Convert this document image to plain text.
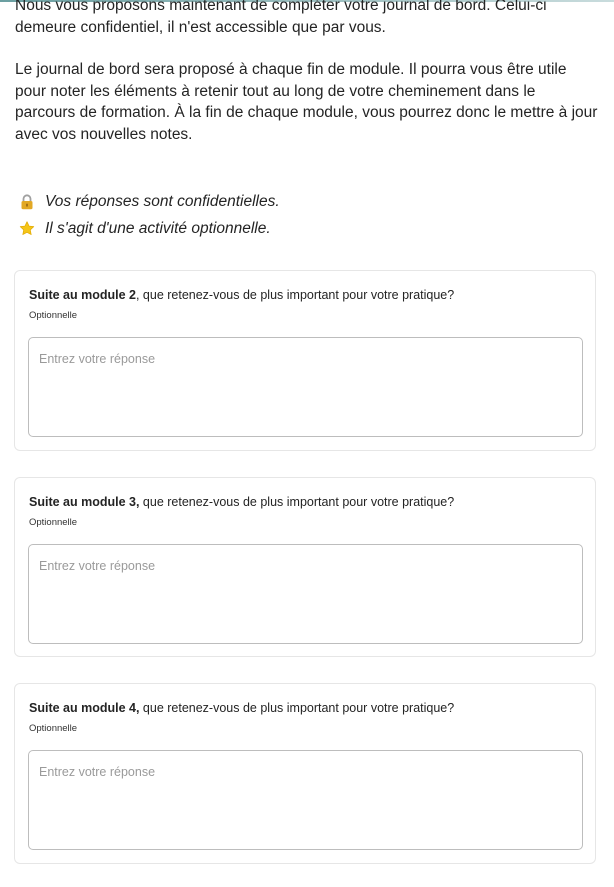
Nous vous proposons maintenant de compléter votre journal de bord. Celui-ci demeure confidentiel, il n'est accessible que par vous.

Le journal de bord sera proposé à chaque fin de module. Il pourra vous être utile pour noter les éléments à retenir tout au long de votre cheminement dans le parcours de formation. À la fin de chaque module, vous pourrez donc le mettre à jour avec vos nouvelles notes.

Vos réponses sont confidentielles.
Il s'agit d'une activité optionnelle.
Suite au module 2, que retenez-vous de plus important pour votre pratique?
Optionnelle
Entrez votre réponse
Suite au module 3, que retenez-vous de plus important pour votre pratique?
Optionnelle
Entrez votre réponse
Suite au module 4, que retenez-vous de plus important pour votre pratique?
Optionnelle
Entrez votre réponse
